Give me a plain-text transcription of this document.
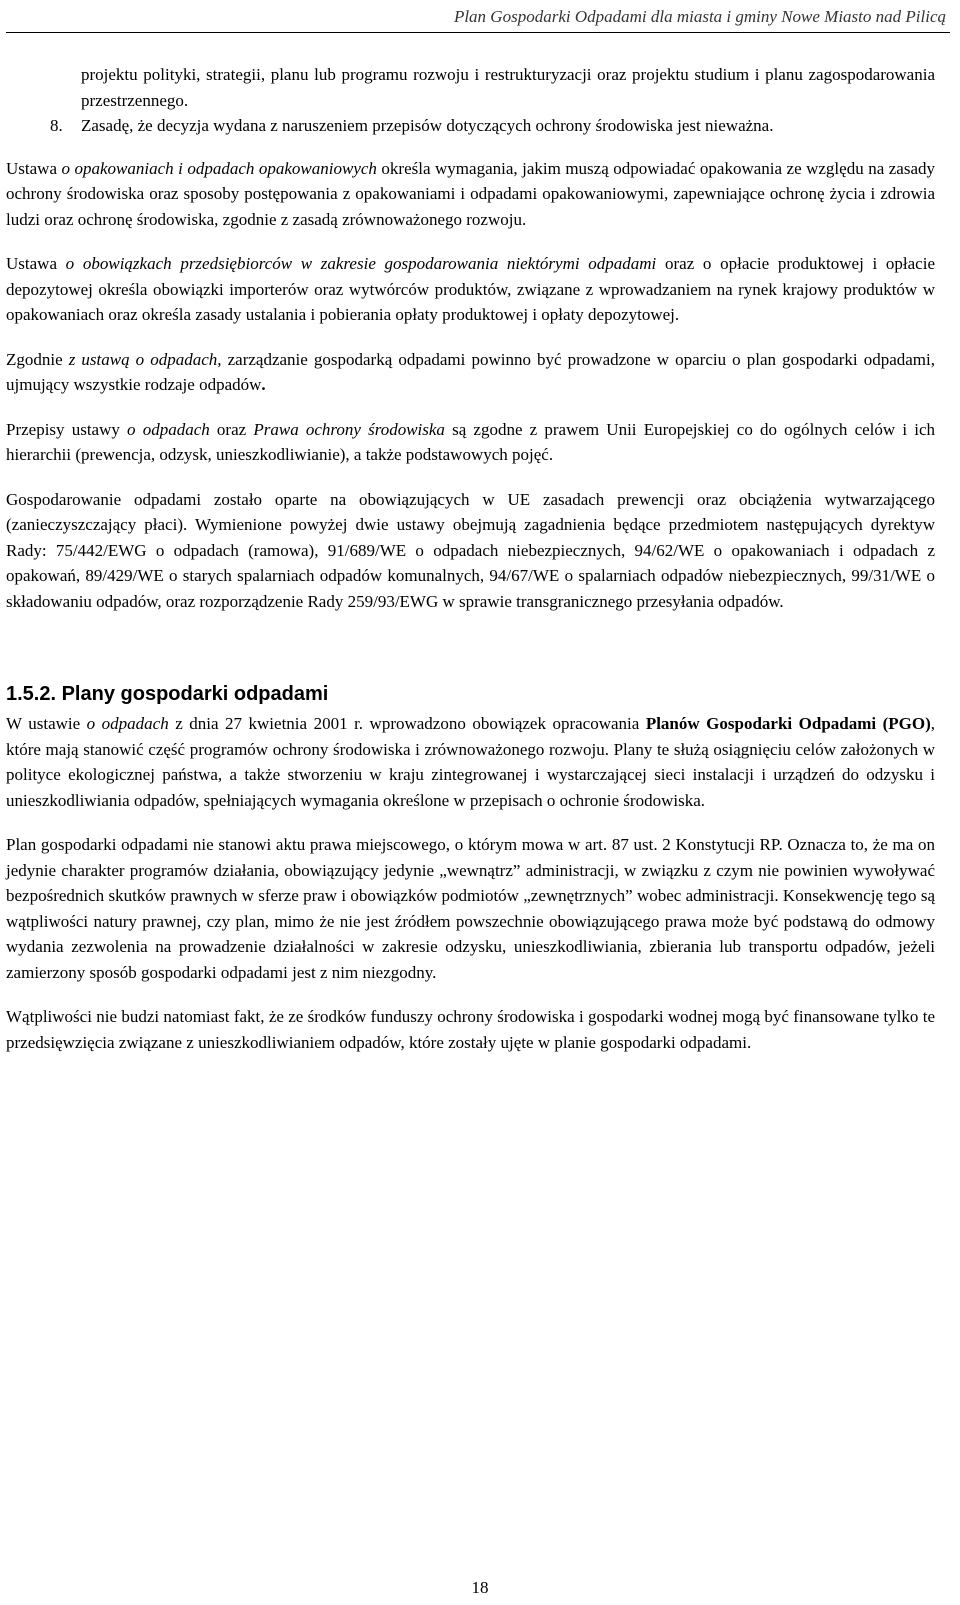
Plan Gospodarki Odpadami dla miasta i gminy Nowe Miasto nad Pilicą

projektu polityki, strategii, planu lub programu rozwoju i restrukturyzacji oraz projektu studium i planu zagospodarowania przestrzennego.

8. Zasadę, że decyzja wydana z naruszeniem przepisów dotyczących ochrony środowiska jest nieważna.

Ustawa o opakowaniach i odpadach opakowaniowych określa wymagania, jakim muszą odpowiadać opakowania ze względu na zasady ochrony środowiska oraz sposoby postępowania z opakowaniami i odpadami opakowaniowymi, zapewniające ochronę życia i zdrowia ludzi oraz ochronę środowiska, zgodnie z zasadą zrównoważonego rozwoju.

Ustawa o obowiązkach przedsiębiorców w zakresie gospodarowania niektórymi odpadami oraz o opłacie produktowej i opłacie depozytowej określa obowiązki importerów oraz wytwórców produktów, związane z wprowadzaniem na rynek krajowy produktów w opakowaniach oraz określa zasady ustalania i pobierania opłaty produktowej i opłaty depozytowej.

Zgodnie z ustawą o odpadach, zarządzanie gospodarką odpadami powinno być prowadzone w oparciu o plan gospodarki odpadami, ujmujący wszystkie rodzaje odpadów.

Przepisy ustawy o odpadach oraz Prawa ochrony środowiska są zgodne z prawem Unii Europejskiej co do ogólnych celów i ich hierarchii (prewencja, odzysk, unieszkodliwianie), a także podstawowych pojęć.

Gospodarowanie odpadami zostało oparte na obowiązujących w UE zasadach prewencji oraz obciążenia wytwarzającego (zanieczyszczający płaci). Wymienione powyżej dwie ustawy obejmują zagadnienia będące przedmiotem następujących dyrektyw Rady: 75/442/EWG o odpadach (ramowa), 91/689/WE o odpadach niebezpiecznych, 94/62/WE o opakowaniach i odpadach z opakowań, 89/429/WE o starych spalarniach odpadów komunalnych, 94/67/WE o spalarniach odpadów niebezpiecznych, 99/31/WE o składowaniu odpadów, oraz rozporządzenie Rady 259/93/EWG w sprawie transgranicznego przesyłania odpadów.

1.5.2. Plany gospodarki odpadami

W ustawie o odpadach z dnia 27 kwietnia 2001 r. wprowadzono obowiązek opracowania Planów Gospodarki Odpadami (PGO), które mają stanowić część programów ochrony środowiska i zrównoważonego rozwoju. Plany te służą osiągnięciu celów założonych w polityce ekologicznej państwa, a także stworzeniu w kraju zintegrowanej i wystarczającej sieci instalacji i urządzeń do odzysku i unieszkodliwiania odpadów, spełniających wymagania określone w przepisach o ochronie środowiska.

Plan gospodarki odpadami nie stanowi aktu prawa miejscowego, o którym mowa w art. 87 ust. 2 Konstytucji RP. Oznacza to, że ma on jedynie charakter programów działania, obowiązujący jedynie „wewnątrz” administracji, w związku z czym nie powinien wywoływać bezpośrednich skutków prawnych w sferze praw i obowiązków podmiotów „zewnętrznych” wobec administracji. Konsekwencję tego są wątpliwości natury prawnej, czy plan, mimo że nie jest źródłem powszechnie obowiązującego prawa może być podstawą do odmowy wydania zezwolenia na prowadzenie działalności w zakresie odzysku, unieszkodliwiania, zbierania lub transportu odpadów, jeżeli zamierzony sposób gospodarki odpadami jest z nim niezgodny.

Wątpliwości nie budzi natomiast fakt, że ze środków funduszy ochrony środowiska i gospodarki wodnej mogą być finansowane tylko te przedsięwzięcia związane z unieszkodliwianiem odpadów, które zostały ujęte w planie gospodarki odpadami.

18
